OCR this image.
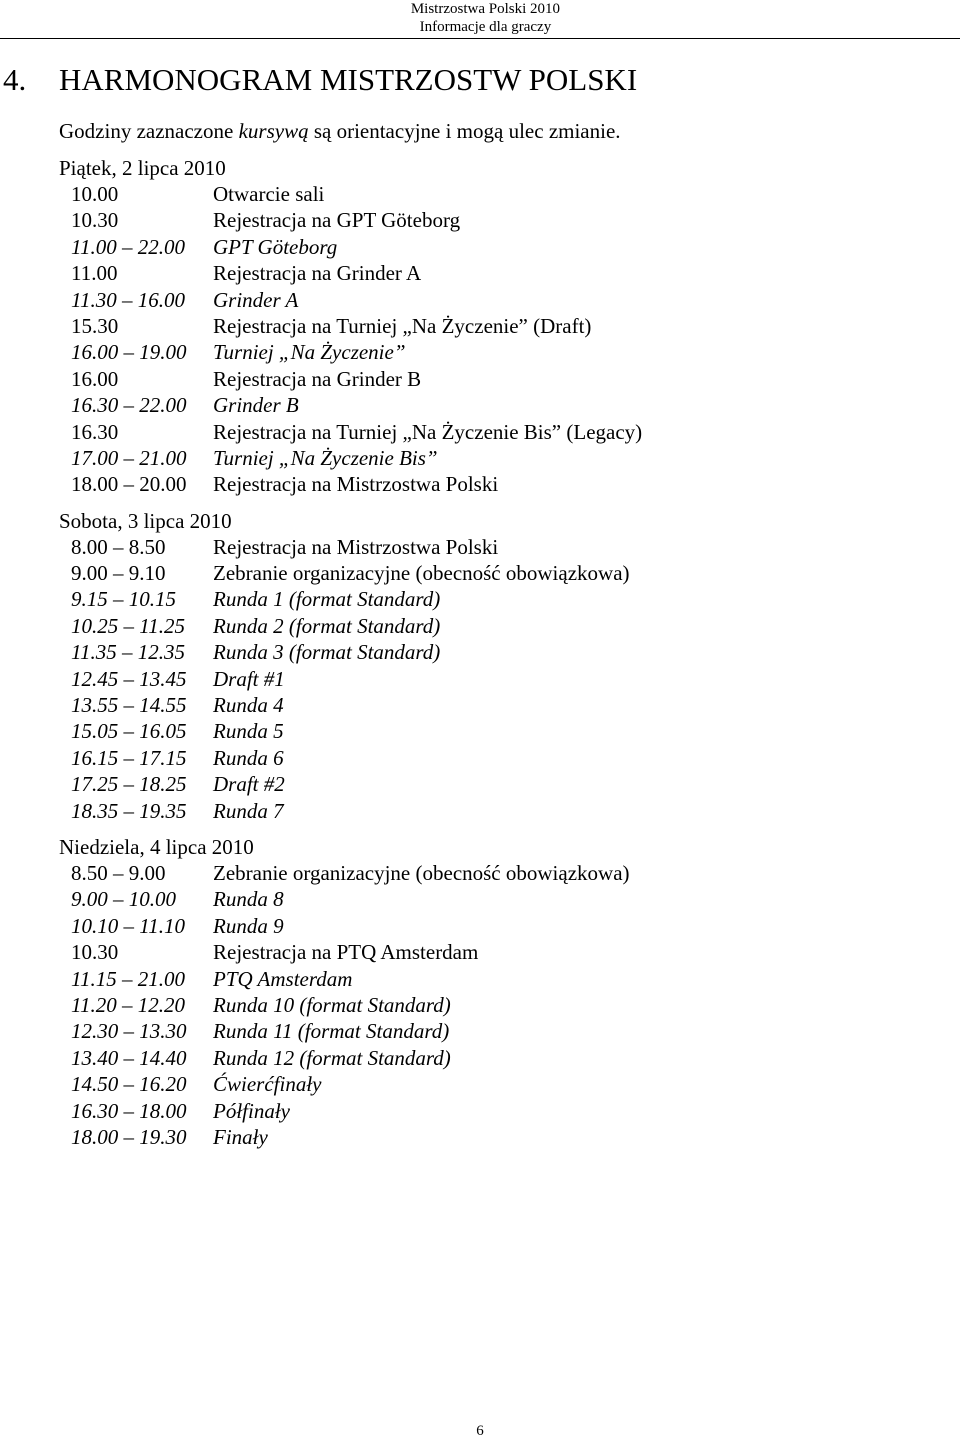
Mistrzostwa Polski 2010
Informacje dla graczy
4.	HARMONOGRAM MISTRZOSTW POLSKI
Godziny zaznaczone kursywą są orientacyjne i mogą ulec zmianie.
Piątek, 2 lipca 2010
10.00	Otwarcie sali
10.30	Rejestracja na GPT Göteborg
11.00 – 22.00	GPT Göteborg
11.00	Rejestracja na Grinder A
11.30 – 16.00	Grinder A
15.30	Rejestracja na Turniej „Na Życzenie” (Draft)
16.00 – 19.00	Turniej „Na Życzenie”
16.00	Rejestracja na Grinder B
16.30 – 22.00	Grinder B
16.30	Rejestracja na Turniej „Na Życzenie Bis” (Legacy)
17.00 – 21.00	Turniej „Na Życzenie Bis”
18.00 – 20.00	Rejestracja na Mistrzostwa Polski
Sobota, 3 lipca 2010
8.00 – 8.50	Rejestracja na Mistrzostwa Polski
9.00 – 9.10	Zebranie organizacyjne (obecność obowiązkowa)
9.15 – 10.15	Runda 1 (format Standard)
10.25 – 11.25	Runda 2 (format Standard)
11.35 – 12.35	Runda 3 (format Standard)
12.45 – 13.45	Draft #1
13.55 – 14.55	Runda 4
15.05 – 16.05	Runda 5
16.15 – 17.15	Runda 6
17.25 – 18.25	Draft #2
18.35 – 19.35	Runda 7
Niedziela, 4 lipca 2010
8.50 – 9.00	Zebranie organizacyjne (obecność obowiązkowa)
9.00 – 10.00	Runda 8
10.10 – 11.10	Runda 9
10.30	Rejestracja na PTQ Amsterdam
11.15 – 21.00	PTQ Amsterdam
11.20 – 12.20	Runda 10 (format Standard)
12.30 – 13.30	Runda 11 (format Standard)
13.40 – 14.40	Runda 12 (format Standard)
14.50 – 16.20	Ćwierćfinały
16.30 – 18.00	Półfinały
18.00 – 19.30	Finały
6
